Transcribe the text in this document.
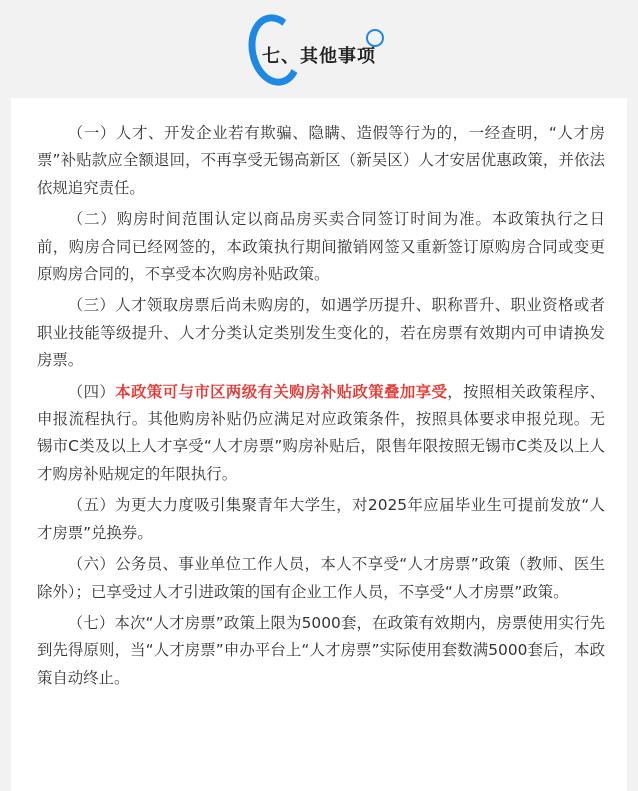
七、其他事项

（一）人才、开发企业若有欺骗、隐瞒、造假等行为的，一经查明，“人才房票”补贴款应全额退回，不再享受无锡高新区（新吴区）人才安居优惠政策，并依法依规追究责任。

（二）购房时间范围认定以商品房买卖合同签订时间为准。本政策执行之日前，购房合同已经网签的，本政策执行期间撤销网签又重新签订原购房合同或变更原购房合同的，不享受本次购房补贴政策。

（三）人才领取房票后尚未购房的，如遇学历提升、职称晋升、职业资格或者职业技能等级提升、人才分类认定类别发生变化的，若在房票有效期内可申请换发房票。

（四）本政策可与市区两级有关购房补贴政策叠加享受，按照相关政策程序、申报流程执行。其他购房补贴仍应满足对应政策条件，按照具体要求申报兑现。无锡市C类及以上人才享受“人才房票”购房补贴后，限售年限按照无锡市C类及以上人才购房补贴规定的年限执行。

（五）为更大力度吸引集聚青年大学生，对2025年应届毕业生可提前发放“人才房票”兑换券。

（六）公务员、事业单位工作人员，本人不享受“人才房票”政策（教师、医生除外）；已享受过人才引进政策的国有企业工作人员，不享受“人才房票”政策。

（七）本次“人才房票”政策上限为5000套，在政策有效期内，房票使用实行先到先得原则，当“人才房票”申办平台上“人才房票”实际使用套数满5000套后，本政策自动终止。
